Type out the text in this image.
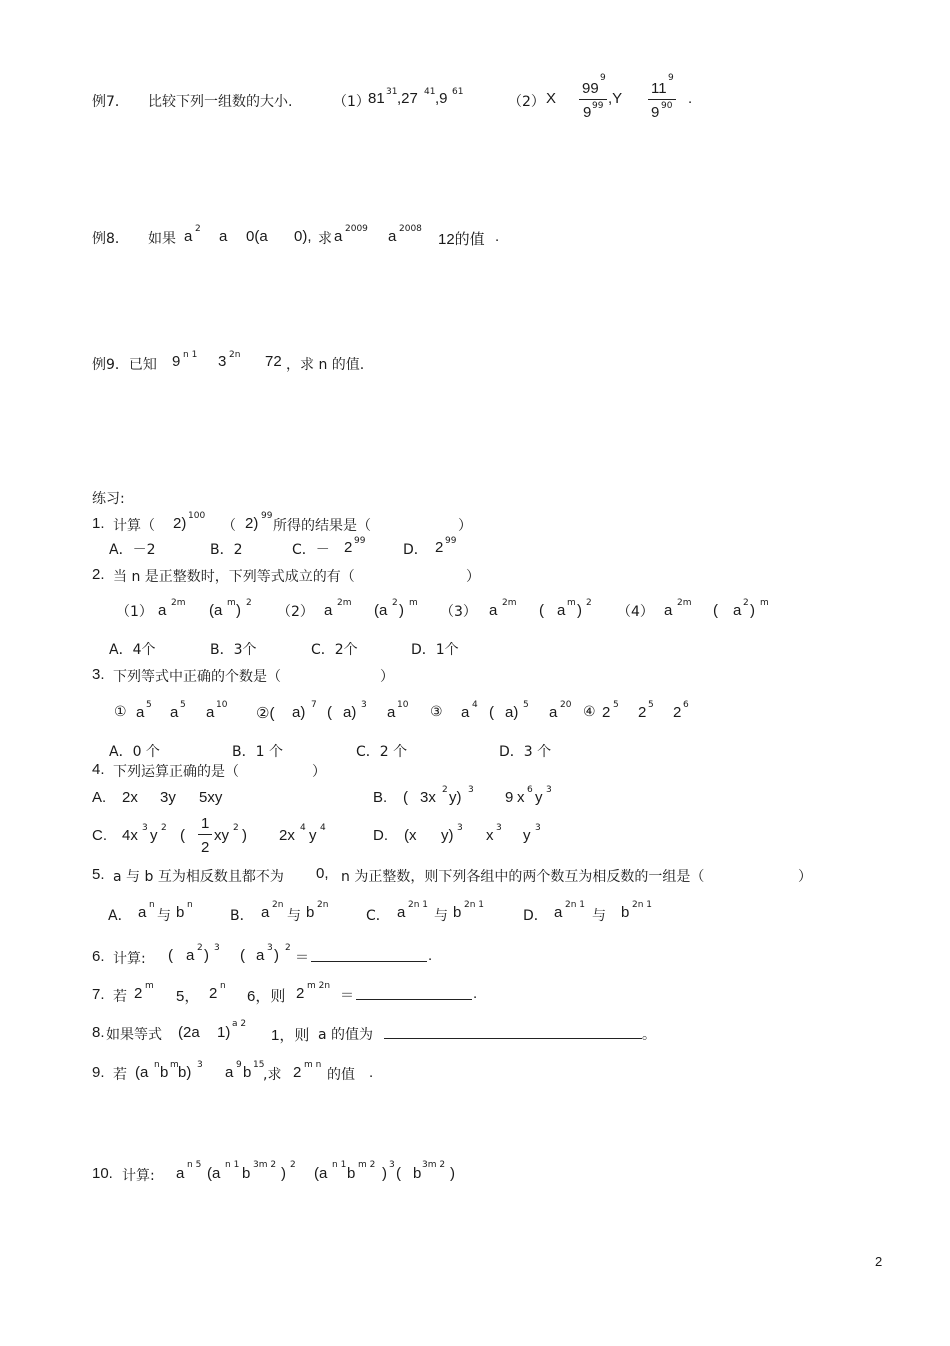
例7． 比较下列一组数的大小.	（1）
81 31 ,27 41 ,9 61
（2） X
99
9
9 99 ,Y
11
9
9 90 .
例8． 如果 a 2 a 0(a 0), 求 a 2009 a 2008
12的值 .
例9．已知 9 n 1 3 2n 72 ，求 n 的值.
练习:
1. 计算（ 2) 100
（ 2) 99
所得的结果是（	）
A．－2	B．2	C．－ 2 99
D． 2 99
2. 当 n 是正整数时，下列等式成立的有（	）
（1） a 2m (a m ) 2
（2） a 2m (a 2 ) m
（3） a 2m ( a m ) 2
（4） a 2m ( a 2 ) m
A．4个	B．3个	C．2个	D．1个
3. 下列等式中正确的个数是（	）
① a 5 a 5 a 10 ②( a) 7 ( a) 3 a 10 ③ a 4 ( a) 5 a 20 ④ 2 5 2 5 2 6
A．0 个	B．1 个	C．2 个	D．3 个
4. 下列运算正确的是（	）
A. 2x 3y 5xy	B. ( 3x 2 y) 3 9 x 6 y 3
C. 4x 3 y 2 (
1
2
xy 2 ) 2x 4 y 4	D. (x y) 3 x 3 y 3
5. a 与 b 互为相反数且都不为 0, n 为正整数，则下列各组中的两个数互为相反数的一组是（	）
A． a n
与 b n
B． a 2n
与 b 2n
C． a 2n 1
与 b 2n 1
D． a 2n 1
与 b 2n 1
6. 计算: ( a 2 ) 3 ( a 3 ) 2
＝	.
7. 若 2 m
5， 2 n
6，则 2 m 2n
＝	.
8. 如果等式 (2a 1) a 2
1，则 a 的值为	。
9. 若 (a n b m b) 3 a 9 b 15
,求 2 m n
的值 .
10. 计算: a n 5 (a n 1 b 3m 2 ) 2 (a n 1 b m 2 ) 3 ( b 3m 2 )
2
